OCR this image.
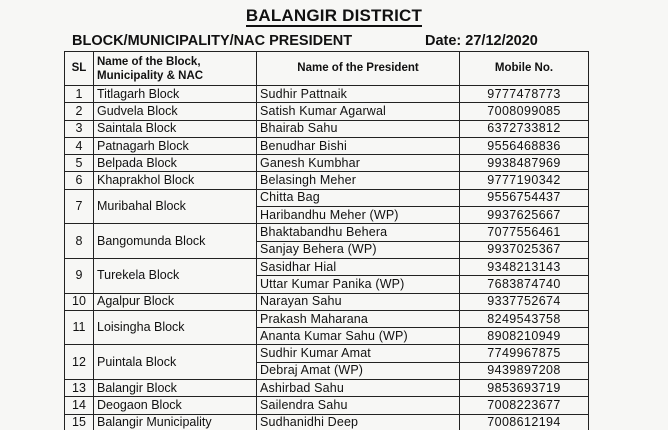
BALANGIR DISTRICT
BLOCK/MUNICIPALITY/NAC PRESIDENT	Date: 27/12/2020
SL	Name of the Block, Municipality & NAC	Name of the President	Mobile No.
1	Titlagarh Block	Sudhir Pattnaik	9777478773
2	Gudvela Block	Satish Kumar Agarwal	7008099085
3	Saintala Block	Bhairab Sahu	6372733812
4	Patnagarh Block	Benudhar Bishi	9556468836
5	Belpada Block	Ganesh Kumbhar	9938487969
6	Khaprakhol Block	Belasingh Meher	9777190342
7	Muribahal Block	Chitta Bag	9556754437
		Haribandhu Meher (WP)	9937625667
8	Bangomunda Block	Bhaktabandhu Behera	7077556461
		Sanjay Behera (WP)	9937025367
9	Turekela Block	Sasidhar Hial	9348213143
		Uttar Kumar Panika (WP)	7683874740
10	Agalpur Block	Narayan Sahu	9337752674
11	Loisingha Block	Prakash Maharana	8249543758
		Ananta Kumar Sahu (WP)	8908210949
12	Puintala Block	Sudhir Kumar Amat	7749967875
		Debraj Amat (WP)	9439897208
13	Balangir Block	Ashirbad Sahu	9853693719
14	Deogaon Block	Sailendra Sahu	7008223677
15	Balangir Municipality	Sudhanidhi Deep	7008612194
